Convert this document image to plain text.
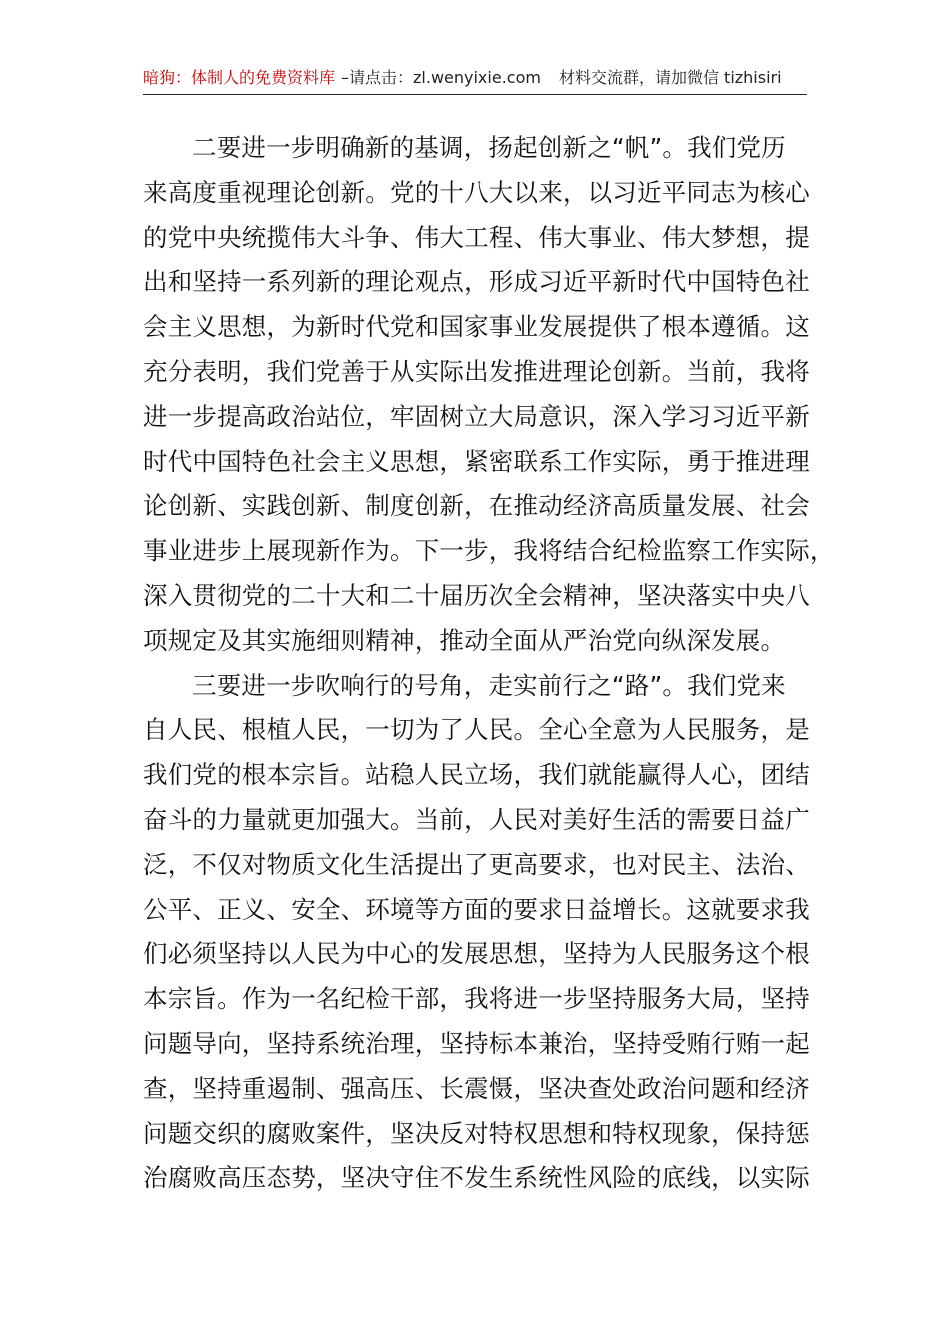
暗狗：体制人的免费资料库 –请点击：zl.wenyixie.com 材料交流群，请加微信 tizhisiri
二要进一步明确新的基调，扬起创新之“帆”。我们党历
来高度重视理论创新。党的十八大以来，以习近平同志为核心
的党中央统揽伟大斗争、伟大工程、伟大事业、伟大梦想，提
出和坚持一系列新的理论观点，形成习近平新时代中国特色社
会主义思想，为新时代党和国家事业发展提供了根本遵循。这
充分表明，我们党善于从实际出发推进理论创新。当前，我将
进一步提高政治站位，牢固树立大局意识，深入学习习近平新
时代中国特色社会主义思想，紧密联系工作实际，勇于推进理
论创新、实践创新、制度创新，在推动经济高质量发展、社会
事业进步上展现新作为。下一步，我将结合纪检监察工作实际，
深入贯彻党的二十大和二十届历次全会精神，坚决落实中央八
项规定及其实施细则精神，推动全面从严治党向纵深发展。
三要进一步吹响行的号角，走实前行之“路”。我们党来
自人民、根植人民，一切为了人民。全心全意为人民服务，是
我们党的根本宗旨。站稳人民立场，我们就能赢得人心，团结
奋斗的力量就更加强大。当前，人民对美好生活的需要日益广
泛，不仅对物质文化生活提出了更高要求，也对民主、法治、
公平、正义、安全、环境等方面的要求日益增长。这就要求我
们必须坚持以人民为中心的发展思想，坚持为人民服务这个根
本宗旨。作为一名纪检干部，我将进一步坚持服务大局，坚持
问题导向，坚持系统治理，坚持标本兼治，坚持受贿行贿一起
查，坚持重遏制、强高压、长震慑，坚决查处政治问题和经济
问题交织的腐败案件，坚决反对特权思想和特权现象，保持惩
治腐败高压态势，坚决守住不发生系统性风险的底线，以实际
